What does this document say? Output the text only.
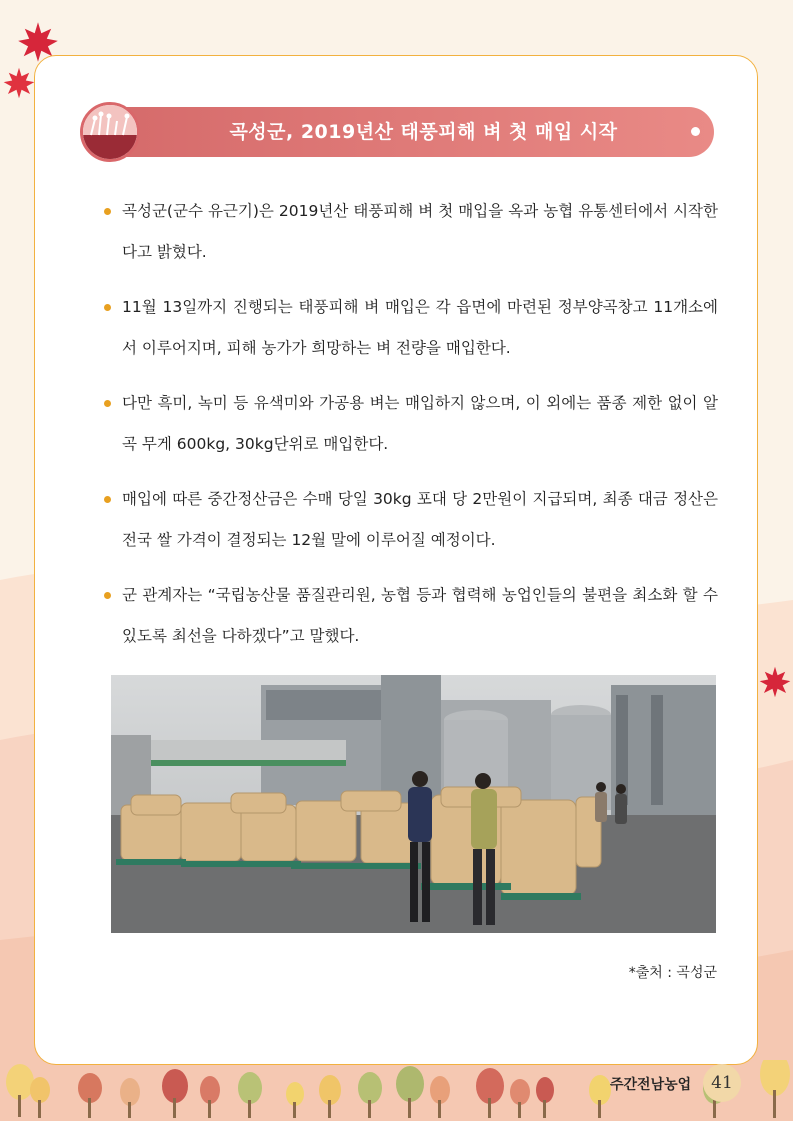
곡성군, 2019년산 태풍피해 벼 첫 매입 시작
곡성군(군수 유근기)은 2019년산 태풍피해 벼 첫 매입을 옥과 농협 유통센터에서 시작한다고 밝혔다.
11월 13일까지 진행되는 태풍피해 벼 매입은 각 읍면에 마련된 정부양곡창고 11개소에서 이루어지며, 피해 농가가 희망하는 벼 전량을 매입한다.
다만 흑미, 녹미 등 유색미와 가공용 벼는 매입하지 않으며, 이 외에는 품종 제한 없이 알곡 무게 600kg, 30kg단위로 매입한다.
매입에 따른 중간정산금은 수매 당일 30kg 포대 당 2만원이 지급되며, 최종 대금 정산은 전국 쌀 가격이 결정되는 12월 말에 이루어질 예정이다.
군 관계자는 “국립농산물 품질관리원, 농협 등과 협력해 농업인들의 불편을 최소화 할 수 있도록 최선을 다하겠다”고 말했다.
*출처 : 곡성군
주간전남농업	41
